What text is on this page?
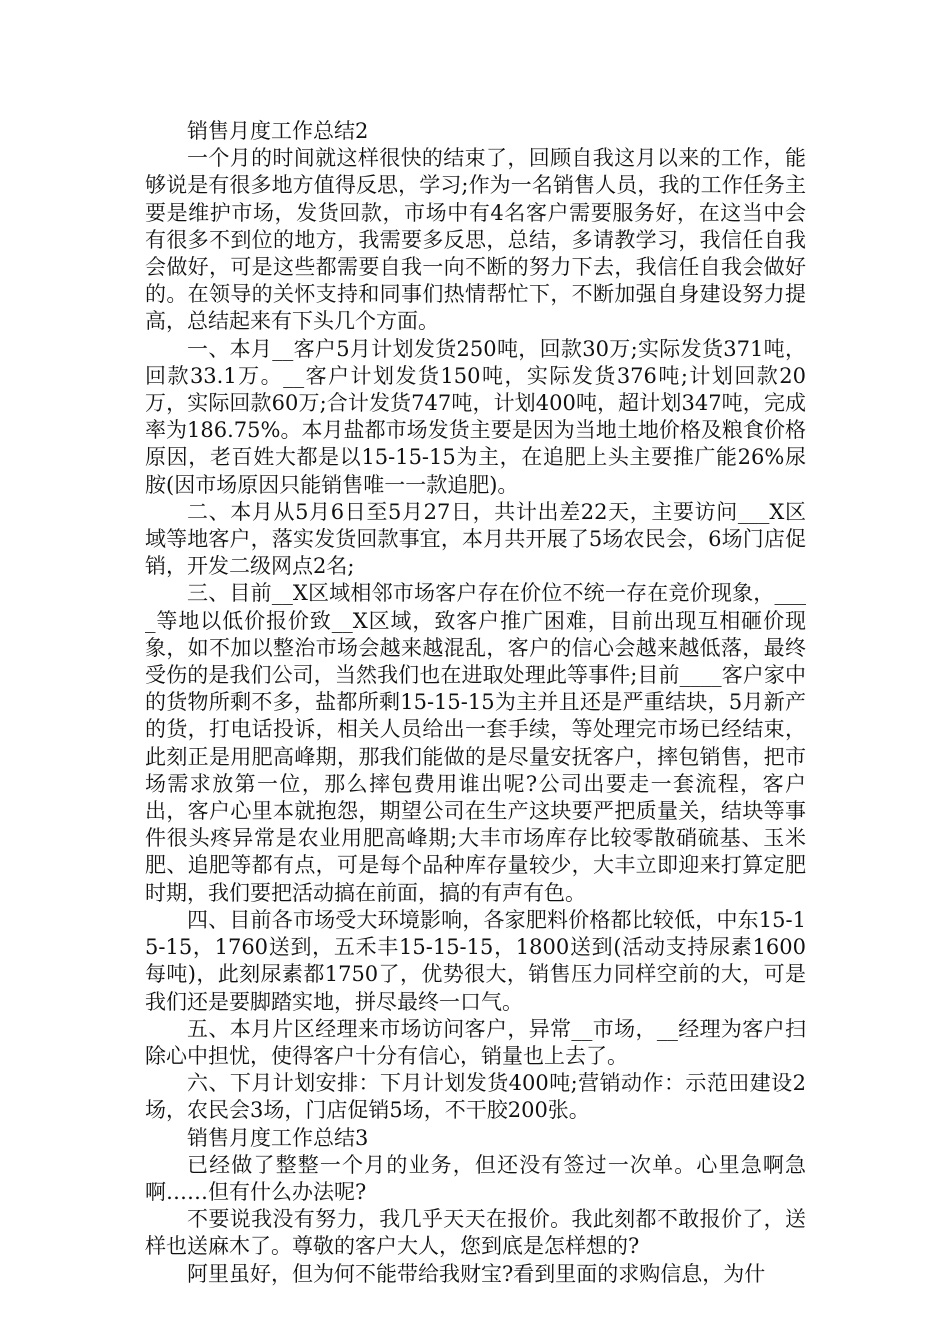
销售月度工作总结2

一个月的时间就这样很快的结束了，回顾自我这月以来的工作，能够说是有很多地方值得反思，学习;作为一名销售人员，我的工作任务主要是维护市场，发货回款，市场中有4名客户需要服务好，在这当中会有很多不到位的地方，我需要多反思，总结，多请教学习，我信任自我会做好，可是这些都需要自我一向不断的努力下去，我信任自我会做好的。在领导的关怀支持和同事们热情帮忙下，不断加强自身建设努力提高，总结起来有下头几个方面。

一、本月__客户5月计划发货250吨，回款30万;实际发货371吨，回款33.1万。__客户计划发货150吨，实际发货376吨;计划回款20万，实际回款60万;合计发货747吨，计划400吨，超计划347吨，完成率为186.75%。本月盐都市场发货主要是因为当地土地价格及粮食价格原因，老百姓大都是以15-15-15为主，在追肥上头主要推广能26%尿胺(因市场原因只能销售唯一一款追肥)。

二、本月从5月6日至5月27日，共计出差22天，主要访问___X区域等地客户，落实发货回款事宜，本月共开展了5场农民会，6场门店促销，开发二级网点2名;

三、目前__X区域相邻市场客户存在价位不统一存在竞价现象，____等地以低价报价致__X区域，致客户推广困难，目前出现互相砸价现象，如不加以整治市场会越来越混乱，客户的信心会越来越低落，最终受伤的是我们公司，当然我们也在进取处理此等事件;目前____客户家中的货物所剩不多，盐都所剩15-15-15为主并且还是严重结块，5月新产的货，打电话投诉，相关人员给出一套手续，等处理完市场已经结束，此刻正是用肥高峰期，那我们能做的是尽量安抚客户，摔包销售，把市场需求放第一位，那么摔包费用谁出呢?公司出要走一套流程，客户出，客户心里本就抱怨，期望公司在生产这块要严把质量关，结块等事件很头疼异常是农业用肥高峰期;大丰市场库存比较零散硝硫基、玉米肥、追肥等都有点，可是每个品种库存量较少，大丰立即迎来打算定肥时期，我们要把活动搞在前面，搞的有声有色。

四、目前各市场受大环境影响，各家肥料价格都比较低，中东15-15-15，1760送到，五禾丰15-15-15，1800送到(活动支持尿素1600每吨)，此刻尿素都1750了，优势很大，销售压力同样空前的大，可是我们还是要脚踏实地，拼尽最终一口气。

五、本月片区经理来市场访问客户，异常__市场，__经理为客户扫除心中担忧，使得客户十分有信心，销量也上去了。

六、下月计划安排：下月计划发货400吨;营销动作：示范田建设2场，农民会3场，门店促销5场，不干胶200张。

销售月度工作总结3

已经做了整整一个月的业务，但还没有签过一次单。心里急啊急啊……但有什么办法呢?

不要说我没有努力，我几乎天天在报价。我此刻都不敢报价了，送样也送麻木了。尊敬的客户大人，您到底是怎样想的?

阿里虽好，但为何不能带给我财宝?看到里面的求购信息，为什
